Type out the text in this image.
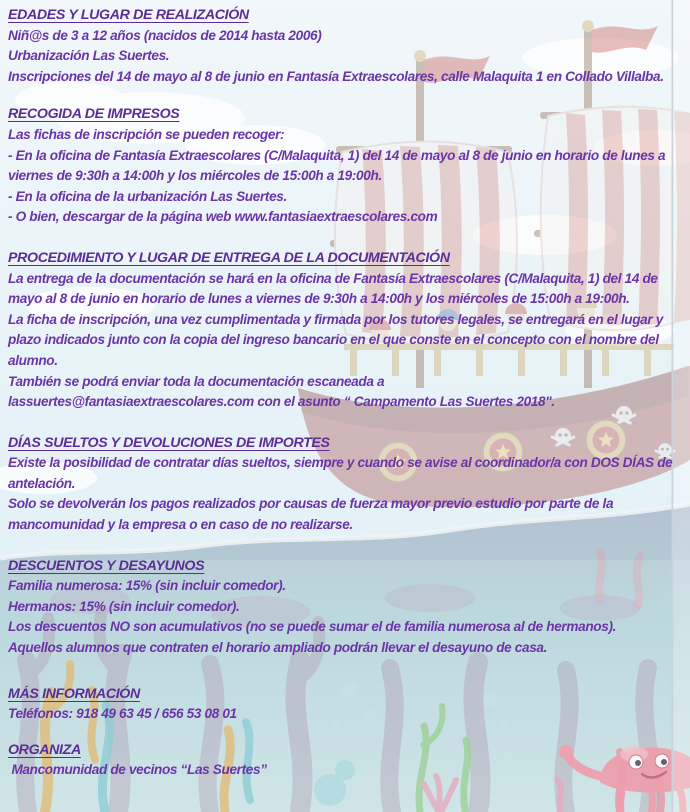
EDADES Y LUGAR DE REALIZACIÓN

Niñ@s de 3 a 12 años (nacidos de 2014 hasta 2006)

Urbanización Las Suertes.

Inscripciones del 14 de mayo al 8 de junio en Fantasía Extraescolares, calle Malaquita 1 en Collado Villalba.

RECOGIDA DE IMPRESOS

Las fichas de inscripción se pueden recoger:

- En la oficina de Fantasía Extraescolares (C/Malaquita, 1) del 14 de mayo al 8 de junio en horario de lunes a viernes de 9:30h a 14:00h y los miércoles de 15:00h a 19:00h.

- En la oficina de la urbanización Las Suertes.

- O bien, descargar de la página web www.fantasiaextraescolares.com

PROCEDIMIENTO Y LUGAR DE ENTREGA DE LA DOCUMENTACIÓN

La entrega de la documentación se hará en la oficina de Fantasía Extraescolares (C/Malaquita, 1) del 14 de mayo al 8 de junio en horario de lunes a viernes de 9:30h a 14:00h y los miércoles de 15:00h a 19:00h.

La ficha de inscripción, una vez cumplimentada y firmada por los tutores legales, se entregará en el lugar y plazo indicados junto con la copia del ingreso bancario en el que conste en el concepto con el nombre del alumno.

También se podrá enviar toda la documentación escaneada a

lassuertes@fantasiaextraescolares.com con el asunto “ Campamento Las Suertes 2018".

DÍAS SUELTOS Y DEVOLUCIONES DE IMPORTES

Existe la posibilidad de contratar días sueltos, siempre y cuando se avise al coordinador/a con DOS DÍAS de antelación.

Solo se devolverán los pagos realizados por causas de fuerza mayor previo estudio por parte de la mancomunidad y la empresa o en caso de no realizarse.

DESCUENTOS Y DESAYUNOS

Familia numerosa: 15% (sin incluir comedor).

Hermanos: 15% (sin incluir comedor).

Los descuentos NO son acumulativos (no se puede sumar el de familia numerosa al de hermanos).

Aquellos alumnos que contraten el horario ampliado podrán llevar el desayuno de casa.

MÁS INFORMACIÓN

Teléfonos: 918 49 63 45 / 656 53 08 01

ORGANIZA

Mancomunidad de vecinos “Las Suertes”
